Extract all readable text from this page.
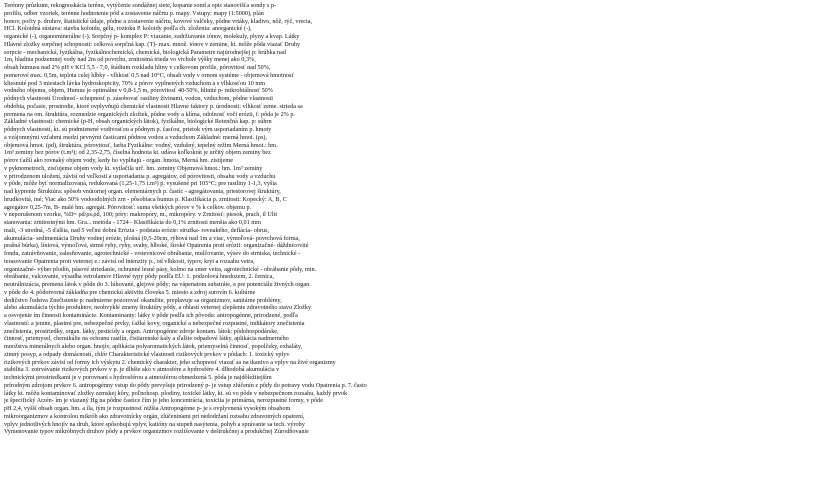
Terénny průzkum, rekognoskácia terénu, vytýčenie sondážnej siete, kopanie sond a opis stanovišťa sondy s p-
profilu, odber vzoriek, terénne hodnotenie pôd a zostavenie náčrtu p. mapy. Vstupy: mapy (1:5000), plán
honov, počty p. druhov, štatistické údaje, pôdne a zostavenie náčrtu, kovové valčeky, pôdne vrtáky, kladivo, nôž, rýč, vrecia,
HCl. Koloidná sústava: stavba koloidu, gélu, roztoku P. koloidy podľa ch. zloženia: anorganické (-),
organické (-), organominerálne (-). Sorpčný p- komplex P: viazanie, zadržiavanie iónov, molekuly, plyny a kvap. Látky
Hlavné zložky sorpčnej schopnosti: celková sorpčná kap. (T)- max. množ. iónov v zemine, kt. môže pôda viazať Druhy
sorpcie - mechanická, fyzikálna, fyzikálnochemická, chemická, biologická Parametre najúrodnejšej p: hrúbka nad
1m, hladina podzemnej vody nad 2m od povrchu, zrnitostná trieda vo vrchole výšky menej ako 0,3%,
obsah humusu nad 2% pH v KCl 5,5 - 7,0, štádium rozkladu hliny v celkovom profile, pórovitosť nad 50%,
pomerové max. 0,5m, teplota celej hĺbky - vlhkosť 0,5 nad 10°C, obsah vody v ornom systéme - objemová hmotnosť
kliesnuté pod 3 miestach lávka hydroskopicity, 70% z pórov vyplnených vzduchom a s vlhkosťou 10 mm
vodného objemu, objem, Humus je optimálne v 0,8-1,5 m, pórovitosť 40-50%, hlinité p- mikrobiálnosť 50%
pôdnych vlastností Úrodnosť- schopnosť p. zásobovať rastliny živinami, vodou, vzduchom, pôdne vlastnosti
obdobia, počasie, prostredie, ktoré ovplyvňujú chemické vlastnosti Hlavné faktory p. úrodnosti: vlhkosť zeme. strieda sa
premena na om. štruktúra, rozmedzie organických zložiek, pôdne vody a klíma, odolnosť voči erózii, f. pôda je 2% p.
Základné vlastnosti: chemické (p-H, obsah organických látok), fyzikálne, biologické Retenčná kap. p: súhrn
pôdnych vlastností, kt. sú podmienené vodivosťou a pôdnym p. časťou, prietok vým usporiadaním p. hmoty
a vzájomnými vzťahmi medzi pevnými časticami pôdnou vodou a vzduchom Základné: merná hmot. (ρs),
objemová hmot. (ρd), štruktúra, pórovitosť, farba Fyzikálne: vodný, vzdušný, tepelný režim Merná hmot.: hm.
1m³ zeminy bez pórov (t.m³); od 2,35-2,75, číselná hodnota kt. udáva koľkokrát je určitý objem zeminy bez
pórov ťažší ako rovnaký objem vody, kedy ho vypĺňajú - organ. hmota, Merná hm. zistíjeme
v pyknometroch, zisťujeme objem vody kt. vytlačila urč. hm. zeminy Objemová hmot.: hm. 1m³ zeminy
v prirodzenom uložení, závisí od veľkosti a usporiadania p. agregátov, od pórovitosti, obsahu vody a vzduchu
v pôde, môže byť normalizovaná, redukovaná (1,25-1,75 t.m³) p. vysušené pri 105°C; pre rastliny 1-1,3, vyšia
nad kyprenie Štruktúra: spôsob vnútornej organ. elementárnych p. častíc - agregátovania, priestorovej štruktúry,
hrudkovitá, iné; Viac ako 50% vodoodolných zrn - pôsobiaca humus p. Klasifikácia p. zrnitosti: Kopecký: A, B, C
agregátov 0,25-7m, B- malé hm. agregát. Pórovitosť: suma všetkých pórov v % k celkov. objemu p.
v neporušenom vzorku, %D= ρd/ρs.ρd, 100; póry: makropóry, m., mikropóry. v Zrnitosť: piesok, prach, il Ulit
stanovania: zrnitostnými hm. Gra... metóda - 1724 - Klasifikácia do 0,1% zrnitosti menšia ako 0,01 mm
mali, -3 stredná, -5 ďalšia, nad 5 veľmi dobrá Erózia - podstata erózie: stružka- rovnakého, deflácia- obrus,
akumulácia- sedimentácia Druhy vodnej erózie, plošná (0,5-20cm, rýhová nad 1m a viac, výmoľová- povrchová forma,
prašná búrka), líniová, výmoľová, strmé ryhy, ryhy, svahy, hlboké, široké Opatrenia proti erózii: organizačné- dáždnicovité
fondu, zatrávňovanie, zalesňovanie, agrotechnické - vrstevnicové obrábanie, mulčovanie, výsev do strniska, technické -
terasovanie Opatrenia proti veternej e.: závisí od intenzity p., od vlhkosti, typov, kryt a rozsahu vetra,
organizačné- výber plodín, pásové striedanie, ochranné lesné pásy, kolmo na smer vetra, agrotechnické - obrábanie pôdy, min.
obrábanie, valcovanie, výsadba vetrolamov Hlavné typy pôdy podľa EÚ: 1. podzolová hnedozem, 2. černica,
neutrálnizácia, premena látok v pôde do 3. lúhované, glejové pôdy; na vápenatom substráte, a pre potenciálu živných organ.
v pôde do 4. pôdotvorná základňa pre chemickú aktivitu človeka 5. miesto a zdroj surovín 6. kultúrne
dedičstvo ľudstva Znečistenie p: nadmierne pozorovať okamžite, preplavuje sa organizmov, sanitárne problémy,
alebo akumulácia týchto produktov, neobvyklé zmeny štruktúry pôdy, a oblastí veternej zlepšenie zdravotného stavu Zložky
a osvojenie ím činnosti kontaminácie. Kontaminanty: látky v pôde podľa ich pôvodu: antropogénne, prirodzené, podľa
vlastností: a jemne, plastmi pre, nebezpečné prvky, ťažké kovy, organické a nebezpečné rozpustné, indikátory znečistenia
znečistenia, prostriedky, organ. látky, pesticídy a organ. Antropogénne zdroje kontam. látok: pôdohospodárske,
činnosť, priemysel, chemikálie na ochranu rastlín, čistiarenské kaly a ďalšie odpadové látky, aplikácia nadmerného
množstva minerálnych alebo organ. hnojív, aplikácia polyaromatických látok, priemyselná činnosť, popolčeky, exhaláty,
zimný posyp, a odpady domácností, chlór Charakteristické vlastnosti rizikových prvkov v pôdach: 1. toxický vplyv
rizikových prvkov závisí od formy ich výskytu 2. chemický charakter, jeho schopnosť viazať sa na tkanivo a vplyv na živé organizmy
stabilita 3. zotrvávanie rizikových prvkov v p. je dlhšie ako v atmosfére a hydrosfére 4. dlhodobá akumulácia v
technickými prostriedkami je v porovnaní s hydrosférou a atmosférou obmedzená 5. pôda je najdôležitejším
prírodným zdrojom prvkov 6. antropogénny vstup do pôdy prevyšuje prirodzený p- je vstup zlúčenín z pôdy do potravy vodu Opatrenia p. 7. často
látky kt. môžu kontaminovať zložky zemskej kôry, poľnohosp. plodiny, toxické látky, kt. sú vo pôde v nebezpečnom rozsahu, každý prvok
je špecifický Arzén- ím je viazaný Hg na pôdne častice čím je jeho koncentrácia, toxicita je primárna, nerozpustné formy, v pôde
pH 2,4, vyšší obsah organ. hm. a íla, tým je rozpustnosť nižšia Antropogénne p- je s ovplyvnená vysokým obsahom
mikroorganizmov a kontrolou mikrób ako zdravotnícky orgán, zlúčeninami pri nedodržaní rozsahu zdravotných opatrení,
vplyv jednotlivých hnojív na druh, ktoré spôsobujú vplyv, katióny na stupeň nasýtenia, pohyb a správanie sa tech. výroby
Vymenovanie typov mikróbnych druhov pôdy a prvkov organizmov rozlišovanie v deštrukčnej a produkčnej Zúrodňovanie
